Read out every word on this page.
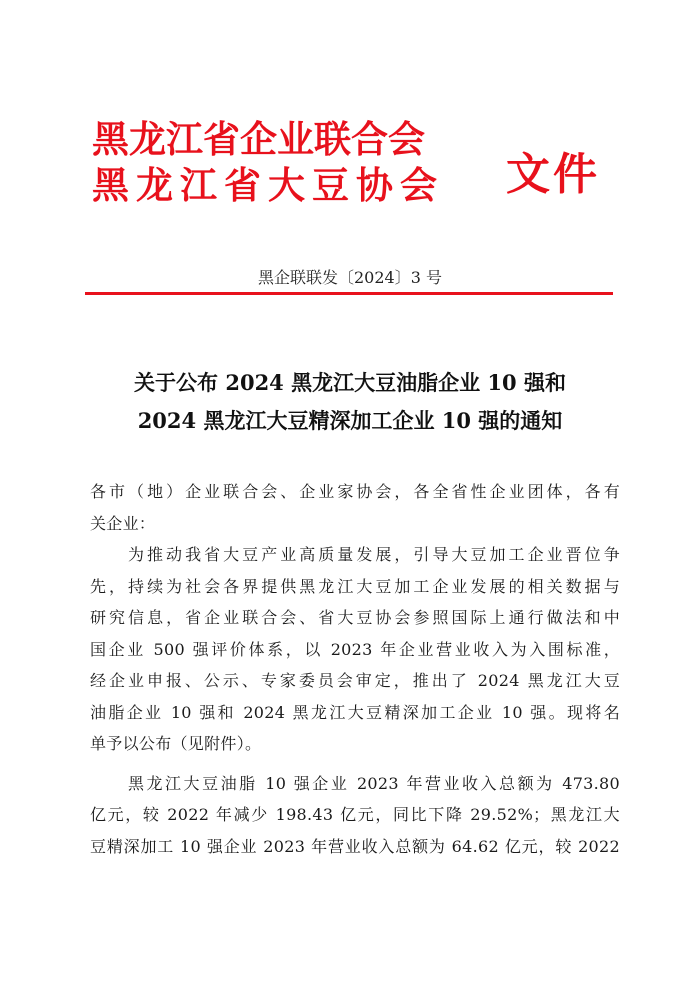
黑龙江省企业联合会
黑龙江省大豆协会	文件
黑企联联发〔2024〕3 号
关于公布 2024 黑龙江大豆油脂企业 10 强和
2024 黑龙江大豆精深加工企业 10 强的通知
各市（地）企业联合会、企业家协会，各全省性企业团体，各有
关企业：
为推动我省大豆产业高质量发展，引导大豆加工企业晋位争
先，持续为社会各界提供黑龙江大豆加工企业发展的相关数据与
研究信息，省企业联合会、省大豆协会参照国际上通行做法和中
国企业 500 强评价体系，以 2023 年企业营业收入为入围标准，
经企业申报、公示、专家委员会审定，推出了 2024 黑龙江大豆
油脂企业 10 强和 2024 黑龙江大豆精深加工企业 10 强。现将名
单予以公布（见附件）。
黑龙江大豆油脂 10 强企业 2023 年营业收入总额为 473.80
亿元，较 2022 年减少 198.43 亿元，同比下降 29.52%；黑龙江大
豆精深加工 10 强企业 2023 年营业收入总额为 64.62 亿元，较 2022
